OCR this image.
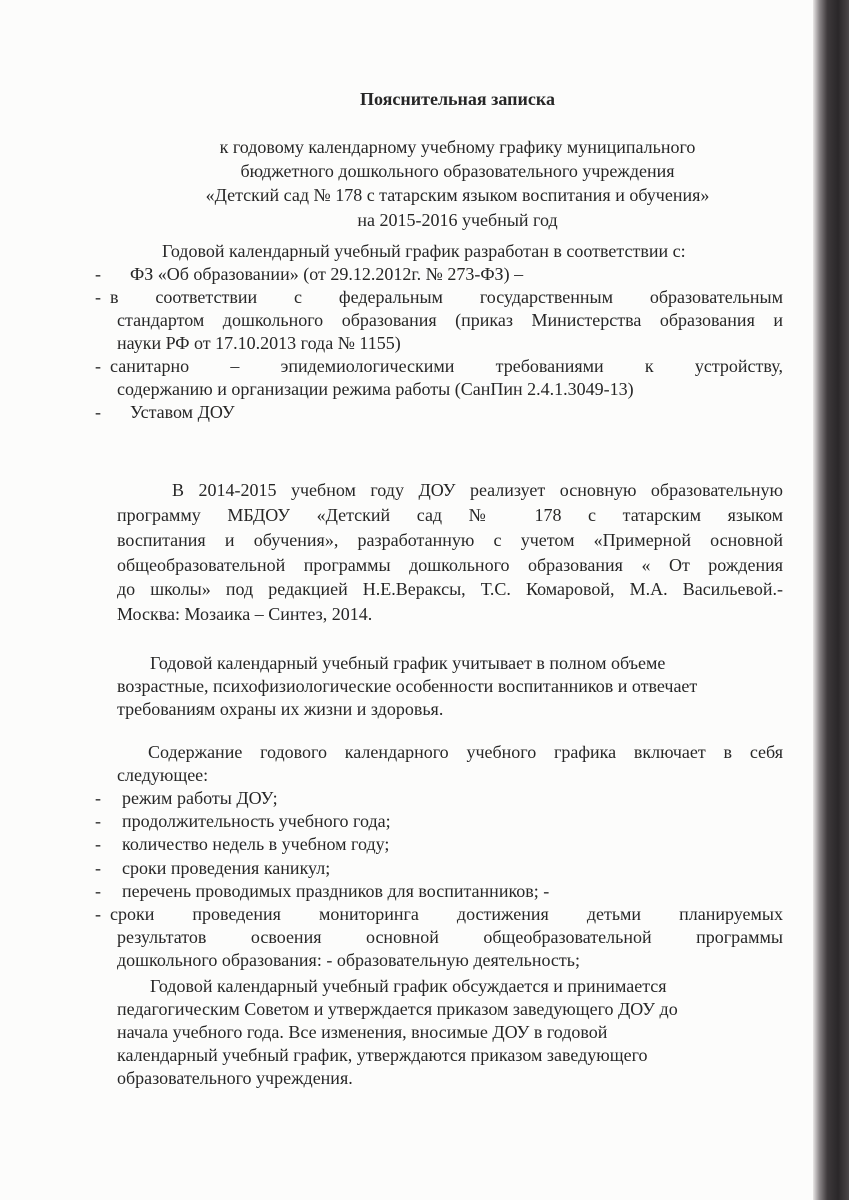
Пояснительная записка
к годовому календарному учебному графику муниципального
бюджетного дошкольного образовательного учреждения
«Детский сад № 178 с татарским языком воспитания и обучения»
на 2015-2016 учебный год
Годовой календарный учебный график разработан в соответствии с:
ФЗ «Об образовании» (от 29.12.2012г. № 273-ФЗ) –
-
в соответствии с федеральным государственным образовательным
-
стандартом дошкольного образования (приказ Министерства образования и
науки РФ от 17.10.2013 года № 1155)
санитарно – эпидемиологическими требованиями к устройству,
-
содержанию и организации режима работы (СанПин 2.4.1.3049-13)
Уставом ДОУ
-
В 2014-2015 учебном году ДОУ реализует основную образовательную
программу МБДОУ «Детский сад № 178 с татарским языком
воспитания и обучения», разработанную с учетом «Примерной основной
общеобразовательной программы дошкольного образования « От рождения
до школы» под редакцией Н.Е.Вераксы, Т.С. Комаровой, М.А. Васильевой.-
Москва: Мозаика – Синтез, 2014.
Годовой календарный учебный график учитывает в полном объеме
возрастные, психофизиологические особенности воспитанников и отвечает
требованиям охраны их жизни и здоровья.
Содержание годового календарного учебного графика включает в себя
следующее:
режим работы ДОУ;
-
продолжительность учебного года;
-
количество недель в учебном году;
-
сроки проведения каникул;
-
перечень проводимых праздников для воспитанников; -
-
сроки проведения мониторинга достижения детьми планируемых
-
результатов освоения основной общеобразовательной программы
дошкольного образования: - образовательную деятельность;
Годовой календарный учебный график обсуждается и принимается
педагогическим Советом и утверждается приказом заведующего ДОУ до
начала учебного года. Все изменения, вносимые ДОУ в годовой
календарный учебный график, утверждаются приказом заведующего
образовательного учреждения.
